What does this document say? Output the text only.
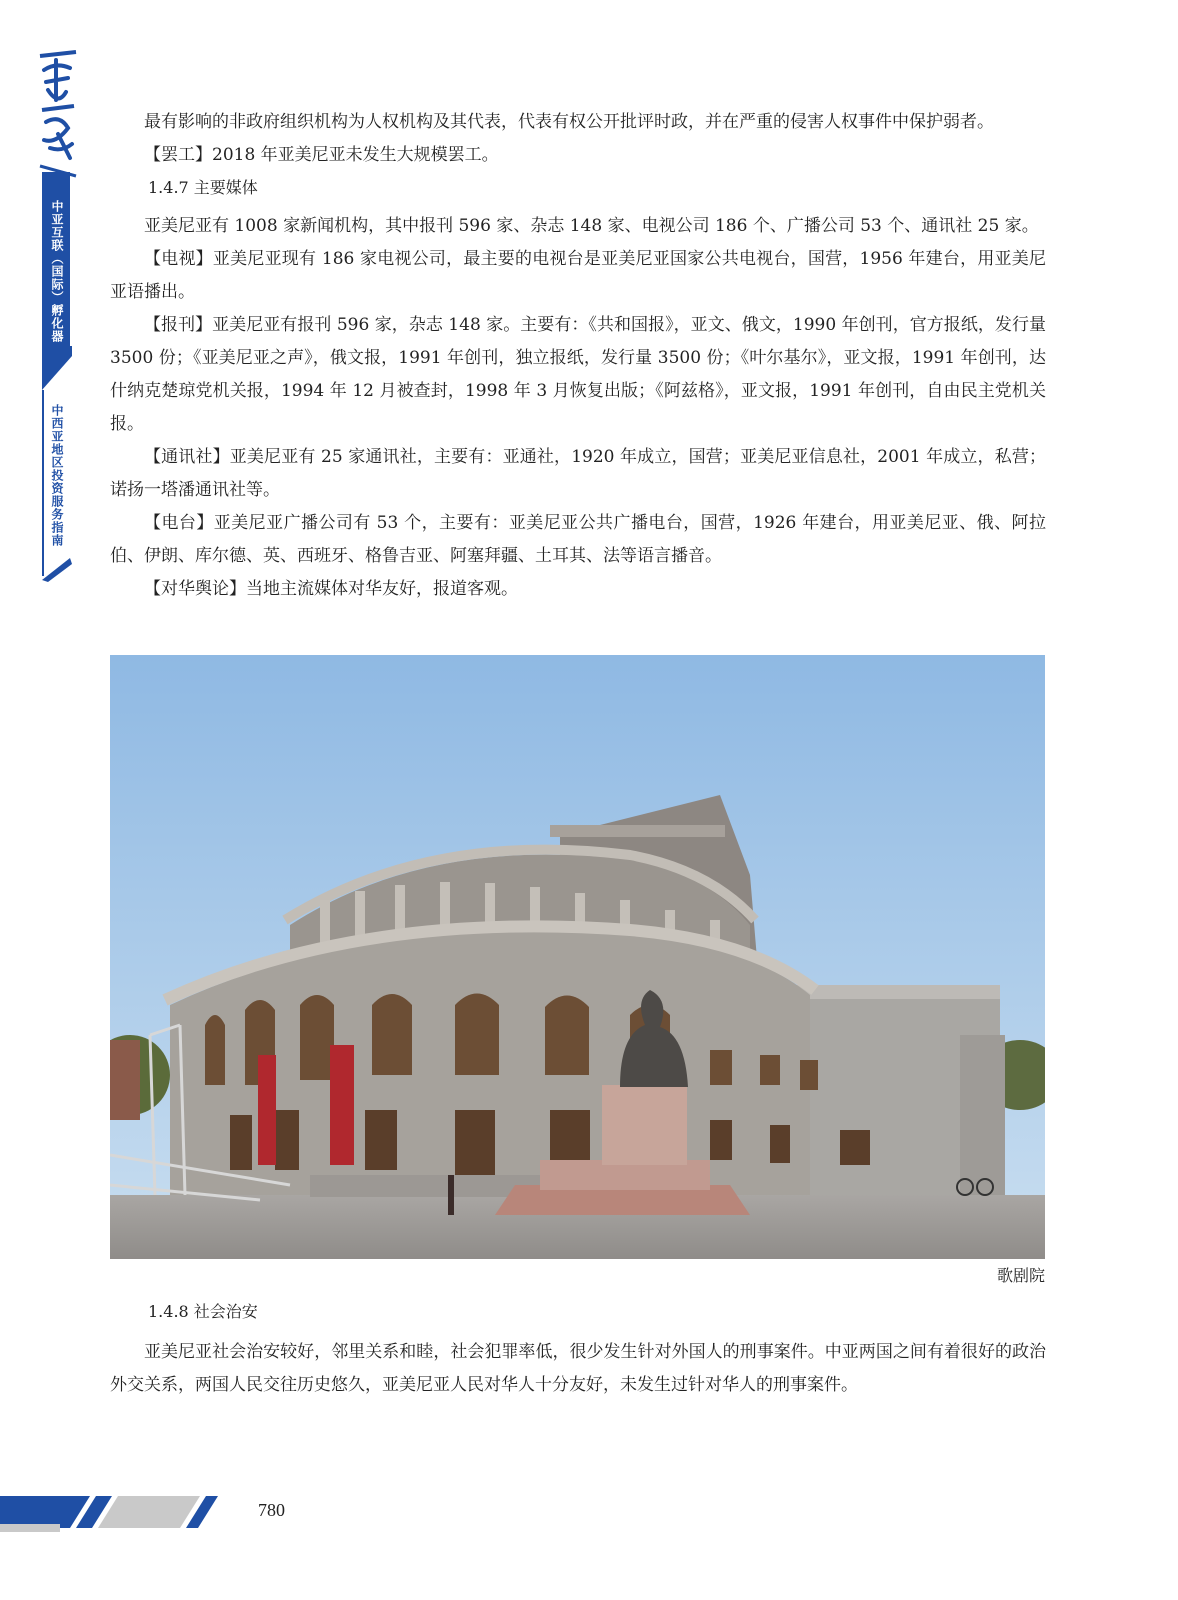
中亚互联（国际）孵化器
中西亚地区投资服务指南

最有影响的非政府组织机构为人权机构及其代表，代表有权公开批评时政，并在严重的侵害人权事件中保护弱者。

【罢工】2018 年亚美尼亚未发生大规模罢工。

1.4.7 主要媒体

亚美尼亚有 1008 家新闻机构，其中报刊 596 家、杂志 148 家、电视公司 186 个、广播公司 53 个、通讯社 25 家。

【电视】亚美尼亚现有 186 家电视公司，最主要的电视台是亚美尼亚国家公共电视台，国营，1956 年建台，用亚美尼亚语播出。

【报刊】亚美尼亚有报刊 596 家，杂志 148 家。主要有：《共和国报》，亚文、俄文，1990 年创刊，官方报纸，发行量 3500 份；《亚美尼亚之声》，俄文报，1991 年创刊，独立报纸，发行量 3500 份；《叶尔基尔》，亚文报，1991 年创刊，达什纳克楚琼党机关报，1994 年 12 月被查封，1998 年 3 月恢复出版；《阿兹格》，亚文报，1991 年创刊，自由民主党机关报。

【通讯社】亚美尼亚有 25 家通讯社，主要有：亚通社，1920 年成立，国营；亚美尼亚信息社，2001 年成立，私营；诺扬一塔潘通讯社等。

【电台】亚美尼亚广播公司有 53 个，主要有：亚美尼亚公共广播电台，国营，1926 年建台，用亚美尼亚、俄、阿拉伯、伊朗、库尔德、英、西班牙、格鲁吉亚、阿塞拜疆、土耳其、法等语言播音。

【对华舆论】当地主流媒体对华友好，报道客观。

歌剧院
1.4.8 社会治安

亚美尼亚社会治安较好，邻里关系和睦，社会犯罪率低，很少发生针对外国人的刑事案件。中亚两国之间有着很好的政治外交关系，两国人民交往历史悠久，亚美尼亚人民对华人十分友好，未发生过针对华人的刑事案件。

780
